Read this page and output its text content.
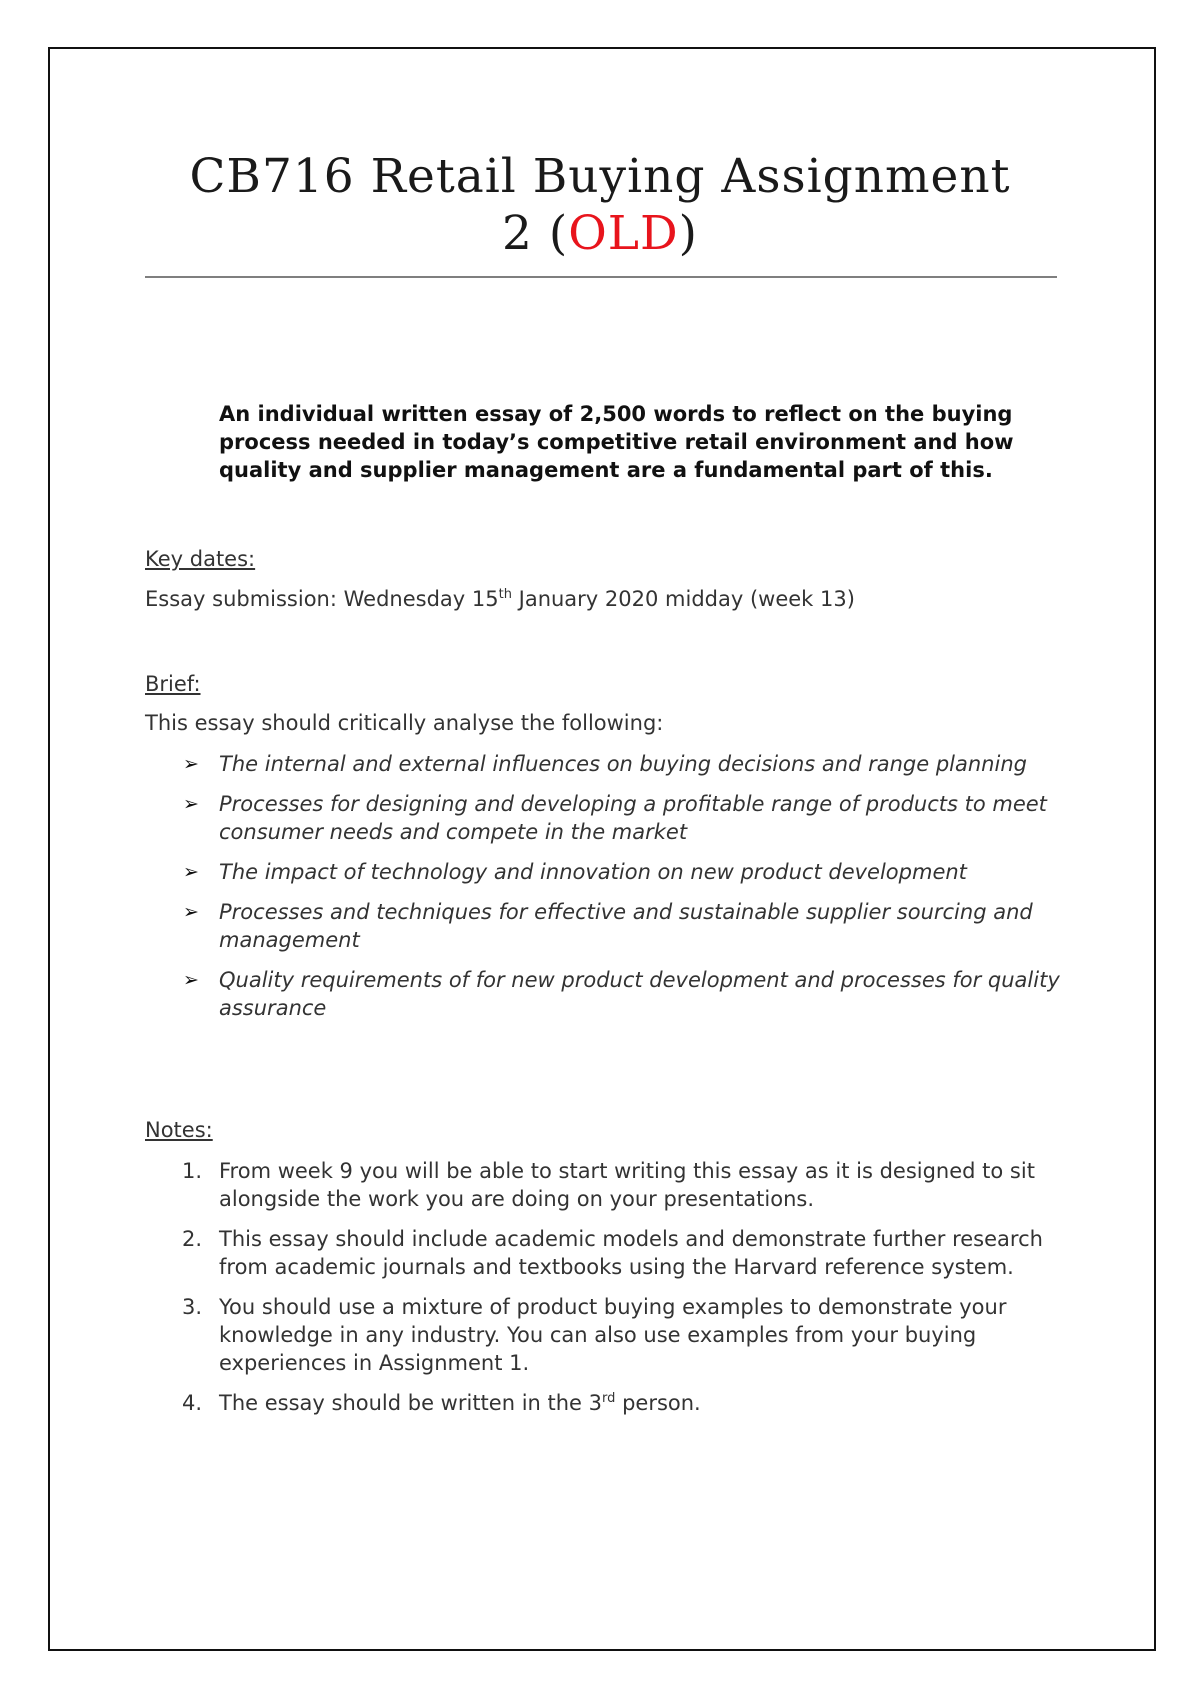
CB716 Retail Buying Assignment
2 (OLD)

An individual written essay of 2,500 words to reflect on the buying process needed in today’s competitive retail environment and how quality and supplier management are a fundamental part of this.

Key dates:

Essay submission: Wednesday 15th January 2020 midday (week 13)

Brief:

This essay should critically analyse the following:

➢ The internal and external influences on buying decisions and range planning
➢ Processes for designing and developing a profitable range of products to meet consumer needs and compete in the market
➢ The impact of technology and innovation on new product development
➢ Processes and techniques for effective and sustainable supplier sourcing and management
➢ Quality requirements of for new product development and processes for quality assurance

Notes:

1. From week 9 you will be able to start writing this essay as it is designed to sit alongside the work you are doing on your presentations.
2. This essay should include academic models and demonstrate further research from academic journals and textbooks using the Harvard reference system.
3. You should use a mixture of product buying examples to demonstrate your knowledge in any industry. You can also use examples from your buying experiences in Assignment 1.
4. The essay should be written in the 3rd person.
